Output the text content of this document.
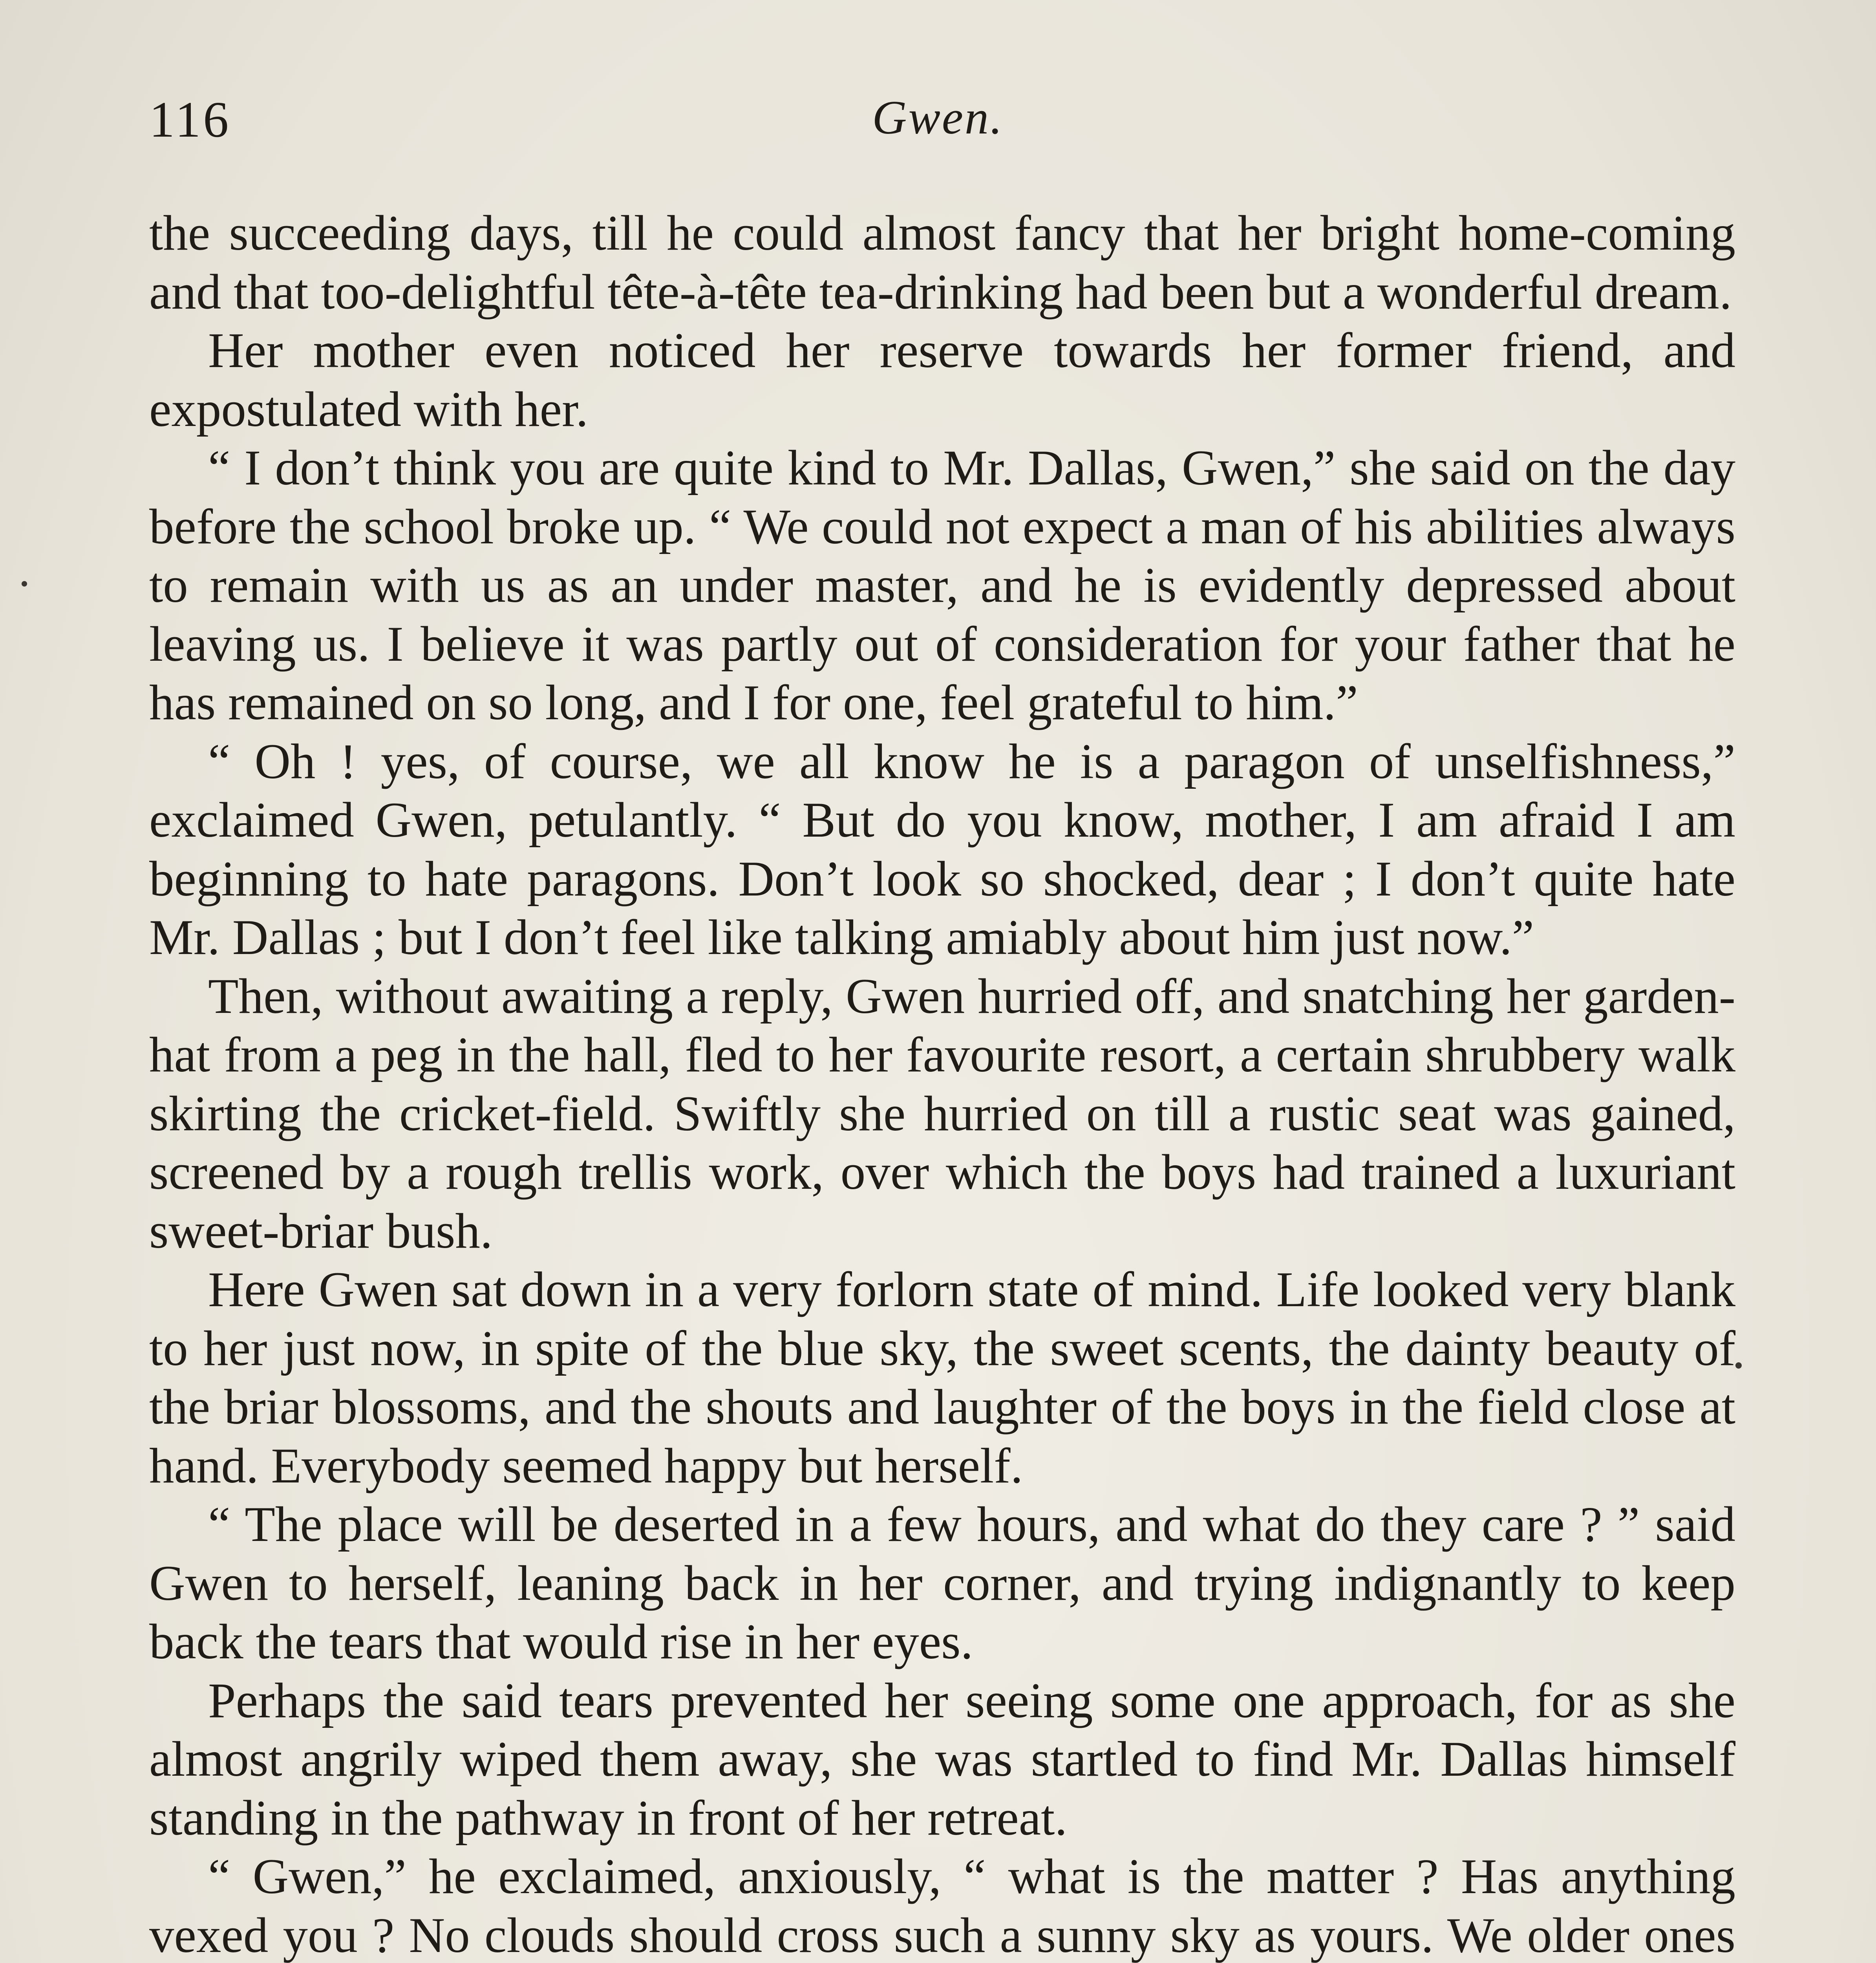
116	Gwen.

the succeeding days, till he could almost fancy that her bright home-coming and that too-delightful tête-à-tête tea-drinking had been but a wonderful dream.

Her mother even noticed her reserve towards her former friend, and expostulated with her.

“ I don’t think you are quite kind to Mr. Dallas, Gwen,” she said on the day before the school broke up. “ We could not expect a man of his abilities always to remain with us as an under master, and he is evidently depressed about leaving us. I believe it was partly out of consideration for your father that he has remained on so long, and I for one, feel grateful to him.”

“ Oh ! yes, of course, we all know he is a paragon of unselfishness,” exclaimed Gwen, petulantly. “ But do you know, mother, I am afraid I am beginning to hate paragons. Don’t look so shocked, dear ; I don’t quite hate Mr. Dallas ; but I don’t feel like talking amiably about him just now.”

Then, without awaiting a reply, Gwen hurried off, and snatching her garden-hat from a peg in the hall, fled to her favourite resort, a certain shrubbery walk skirting the cricket-field. Swiftly she hurried on till a rustic seat was gained, screened by a rough trellis work, over which the boys had trained a luxuriant sweet-briar bush.

Here Gwen sat down in a very forlorn state of mind. Life looked very blank to her just now, in spite of the blue sky, the sweet scents, the dainty beauty of the briar blossoms, and the shouts and laughter of the boys in the field close at hand. Everybody seemed happy but herself.

“ The place will be deserted in a few hours, and what do they care ? ” said Gwen to herself, leaning back in her corner, and trying indignantly to keep back the tears that would rise in her eyes.

Perhaps the said tears prevented her seeing some one approach, for as she almost angrily wiped them away, she was startled to find Mr. Dallas himself standing in the pathway in front of her retreat.

“ Gwen,” he exclaimed, anxiously, “ what is the matter ? Has anything vexed you ? No clouds should cross such a sunny sky as yours. We older ones
